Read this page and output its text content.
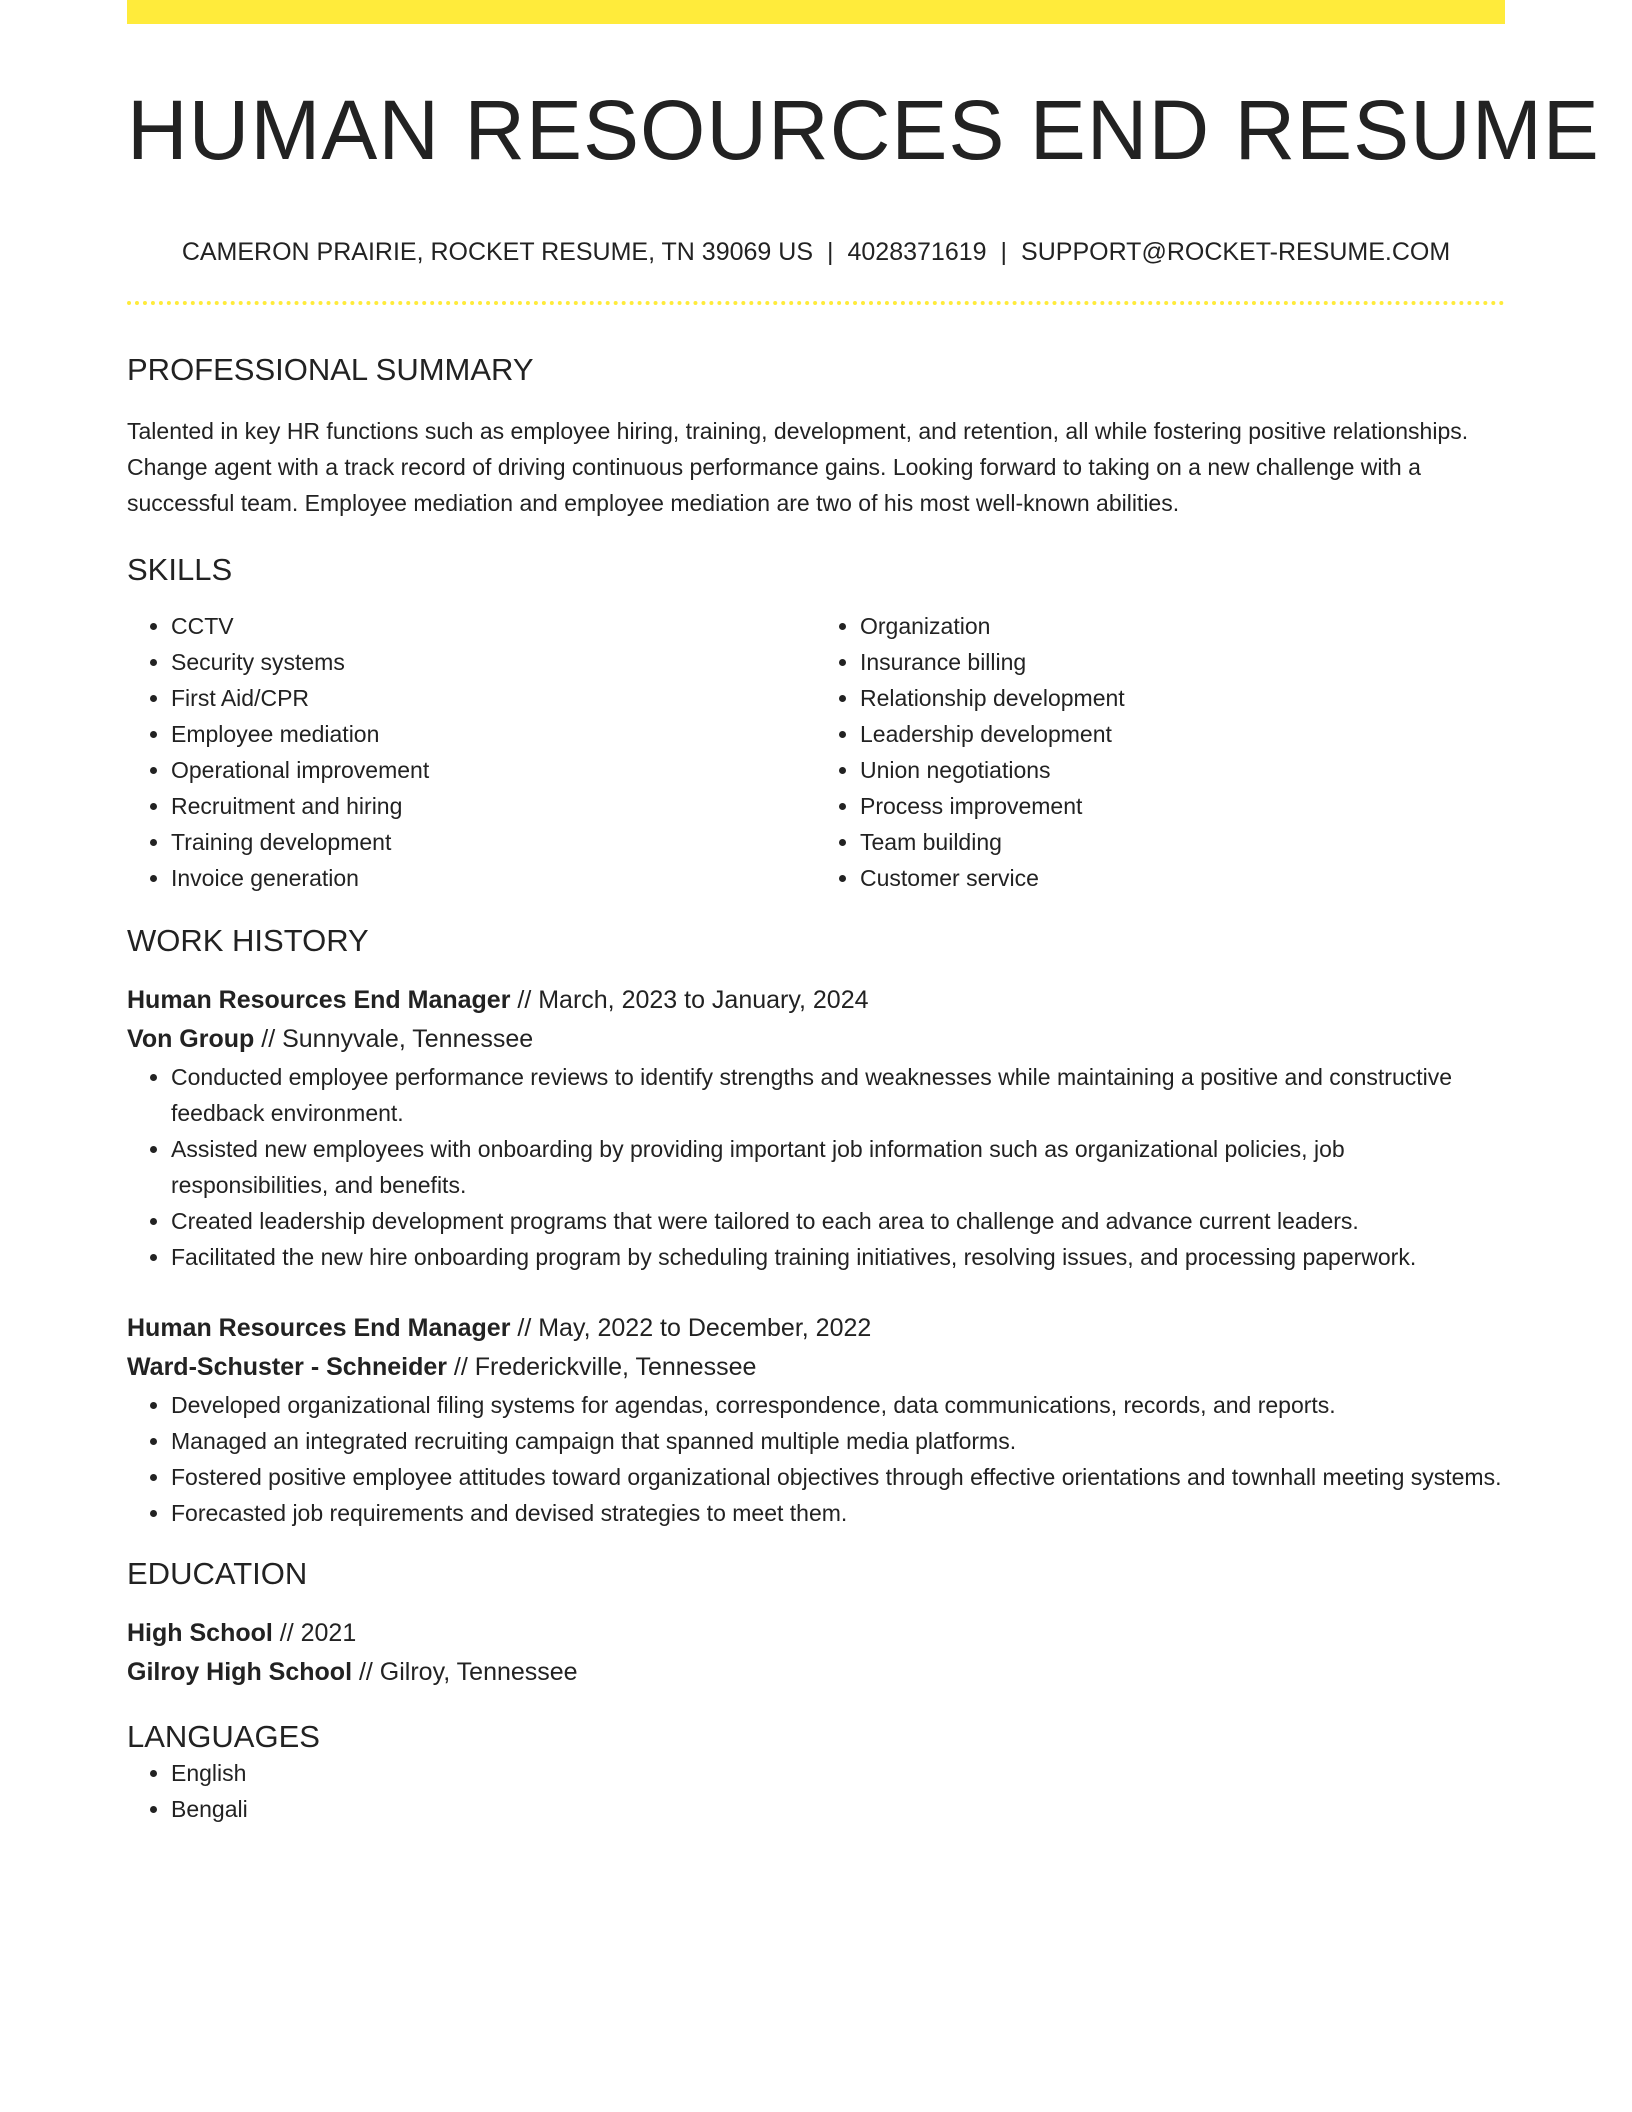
HUMAN RESOURCES END RESUME
CAMERON PRAIRIE, ROCKET RESUME, TN 39069 US | 4028371619 | SUPPORT@ROCKET-RESUME.COM
PROFESSIONAL SUMMARY

Talented in key HR functions such as employee hiring, training, development, and retention, all while fostering positive relationships. Change agent with a track record of driving continuous performance gains. Looking forward to taking on a new challenge with a successful team. Employee mediation and employee mediation are two of his most well-known abilities.

SKILLS
• CCTV
• Security systems
• First Aid/CPR
• Employee mediation
• Operational improvement
• Recruitment and hiring
• Training development
• Invoice generation
• Organization
• Insurance billing
• Relationship development
• Leadership development
• Union negotiations
• Process improvement
• Team building
• Customer service
WORK HISTORY
Human Resources End Manager // March, 2023 to January, 2024
Von Group // Sunnyvale, Tennessee
• Conducted employee performance reviews to identify strengths and weaknesses while maintaining a positive and constructive feedback environment.
• Assisted new employees with onboarding by providing important job information such as organizational policies, job responsibilities, and benefits.
• Created leadership development programs that were tailored to each area to challenge and advance current leaders.
• Facilitated the new hire onboarding program by scheduling training initiatives, resolving issues, and processing paperwork.
Human Resources End Manager // May, 2022 to December, 2022
Ward-Schuster - Schneider // Frederickville, Tennessee
• Developed organizational filing systems for agendas, correspondence, data communications, records, and reports.
• Managed an integrated recruiting campaign that spanned multiple media platforms.
• Fostered positive employee attitudes toward organizational objectives through effective orientations and townhall meeting systems.
• Forecasted job requirements and devised strategies to meet them.
EDUCATION
High School // 2021
Gilroy High School // Gilroy, Tennessee
LANGUAGES
• English
• Bengali
